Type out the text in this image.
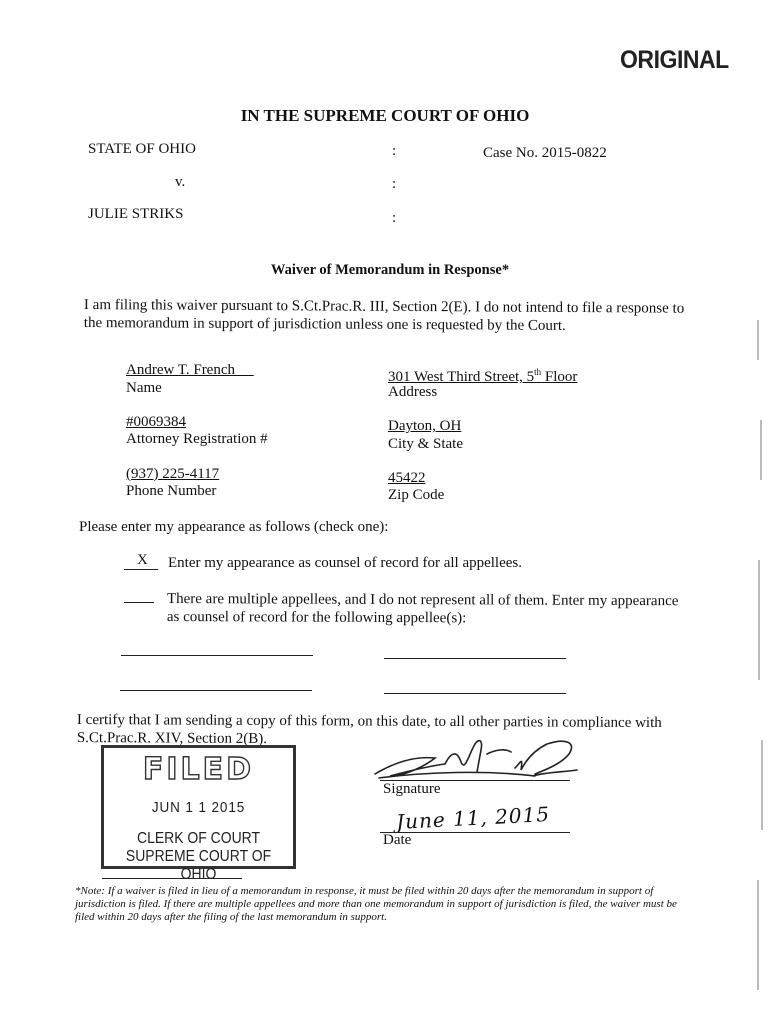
ORIGINAL
IN THE SUPREME COURT OF OHIO
STATE OF OHIO	:	Case No. 2015-0822
v.	:
JULIE STRIKS	:
Waiver of Memorandum in Response*
I am filing this waiver pursuant to S.Ct.Prac.R. III, Section 2(E). I do not intend to file a response to
the memorandum in support of jurisdiction unless one is requested by the Court.
Andrew T. French
Name
#0069384
Attorney Registration #
(937) 225-4117
Phone Number
301 West Third Street, 5th Floor
Address
Dayton, OH
City & State
45422
Zip Code
Please enter my appearance as follows (check one):
X Enter my appearance as counsel of record for all appellees.
There are multiple appellees, and I do not represent all of them. Enter my appearance
as counsel of record for the following appellee(s):
I certify that I am sending a copy of this form, on this date, to all other parties in compliance with
S.Ct.Prac.R. XIV, Section 2(B).
FILED
JUN 1 1 2015
CLERK OF COURT
SUPREME COURT OF OHIO
Signature
June 11, 2015
Date
*Note: If a waiver is filed in lieu of a memorandum in response, it must be filed within 20 days after the memorandum in support of jurisdiction is filed. If there are multiple appellees and more than one memorandum in support of jurisdiction is filed, the waiver must be filed within 20 days after the filing of the last memorandum in support.
